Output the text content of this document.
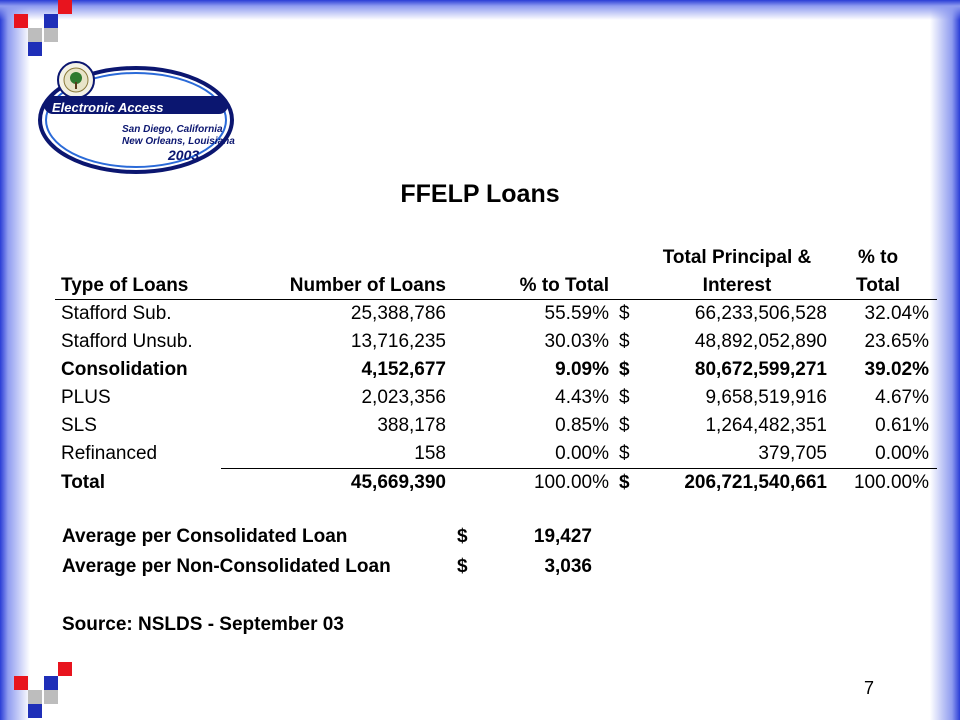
Electronic Access Conference
San Diego, California
New Orleans, Louisiana
2003
FFELP Loans
				Total Principal &	% to
Type of Loans	Number of Loans	% to Total		Interest	Total
Stafford Sub.	25,388,786	55.59%	$	66,233,506,528	32.04%
Stafford Unsub.	13,716,235	30.03%	$	48,892,052,890	23.65%
Consolidation	4,152,677	9.09%	$	80,672,599,271	39.02%
PLUS	2,023,356	4.43%	$	9,658,519,916	4.67%
SLS	388,178	0.85%	$	1,264,482,351	0.61%
Refinanced	158	0.00%	$	379,705	0.00%
Total	45,669,390	100.00%	$	206,721,540,661	100.00%
Average per Consolidated Loan	$	19,427
Average per Non-Consolidated Loan	$	3,036
Source: NSLDS - September 03
7
